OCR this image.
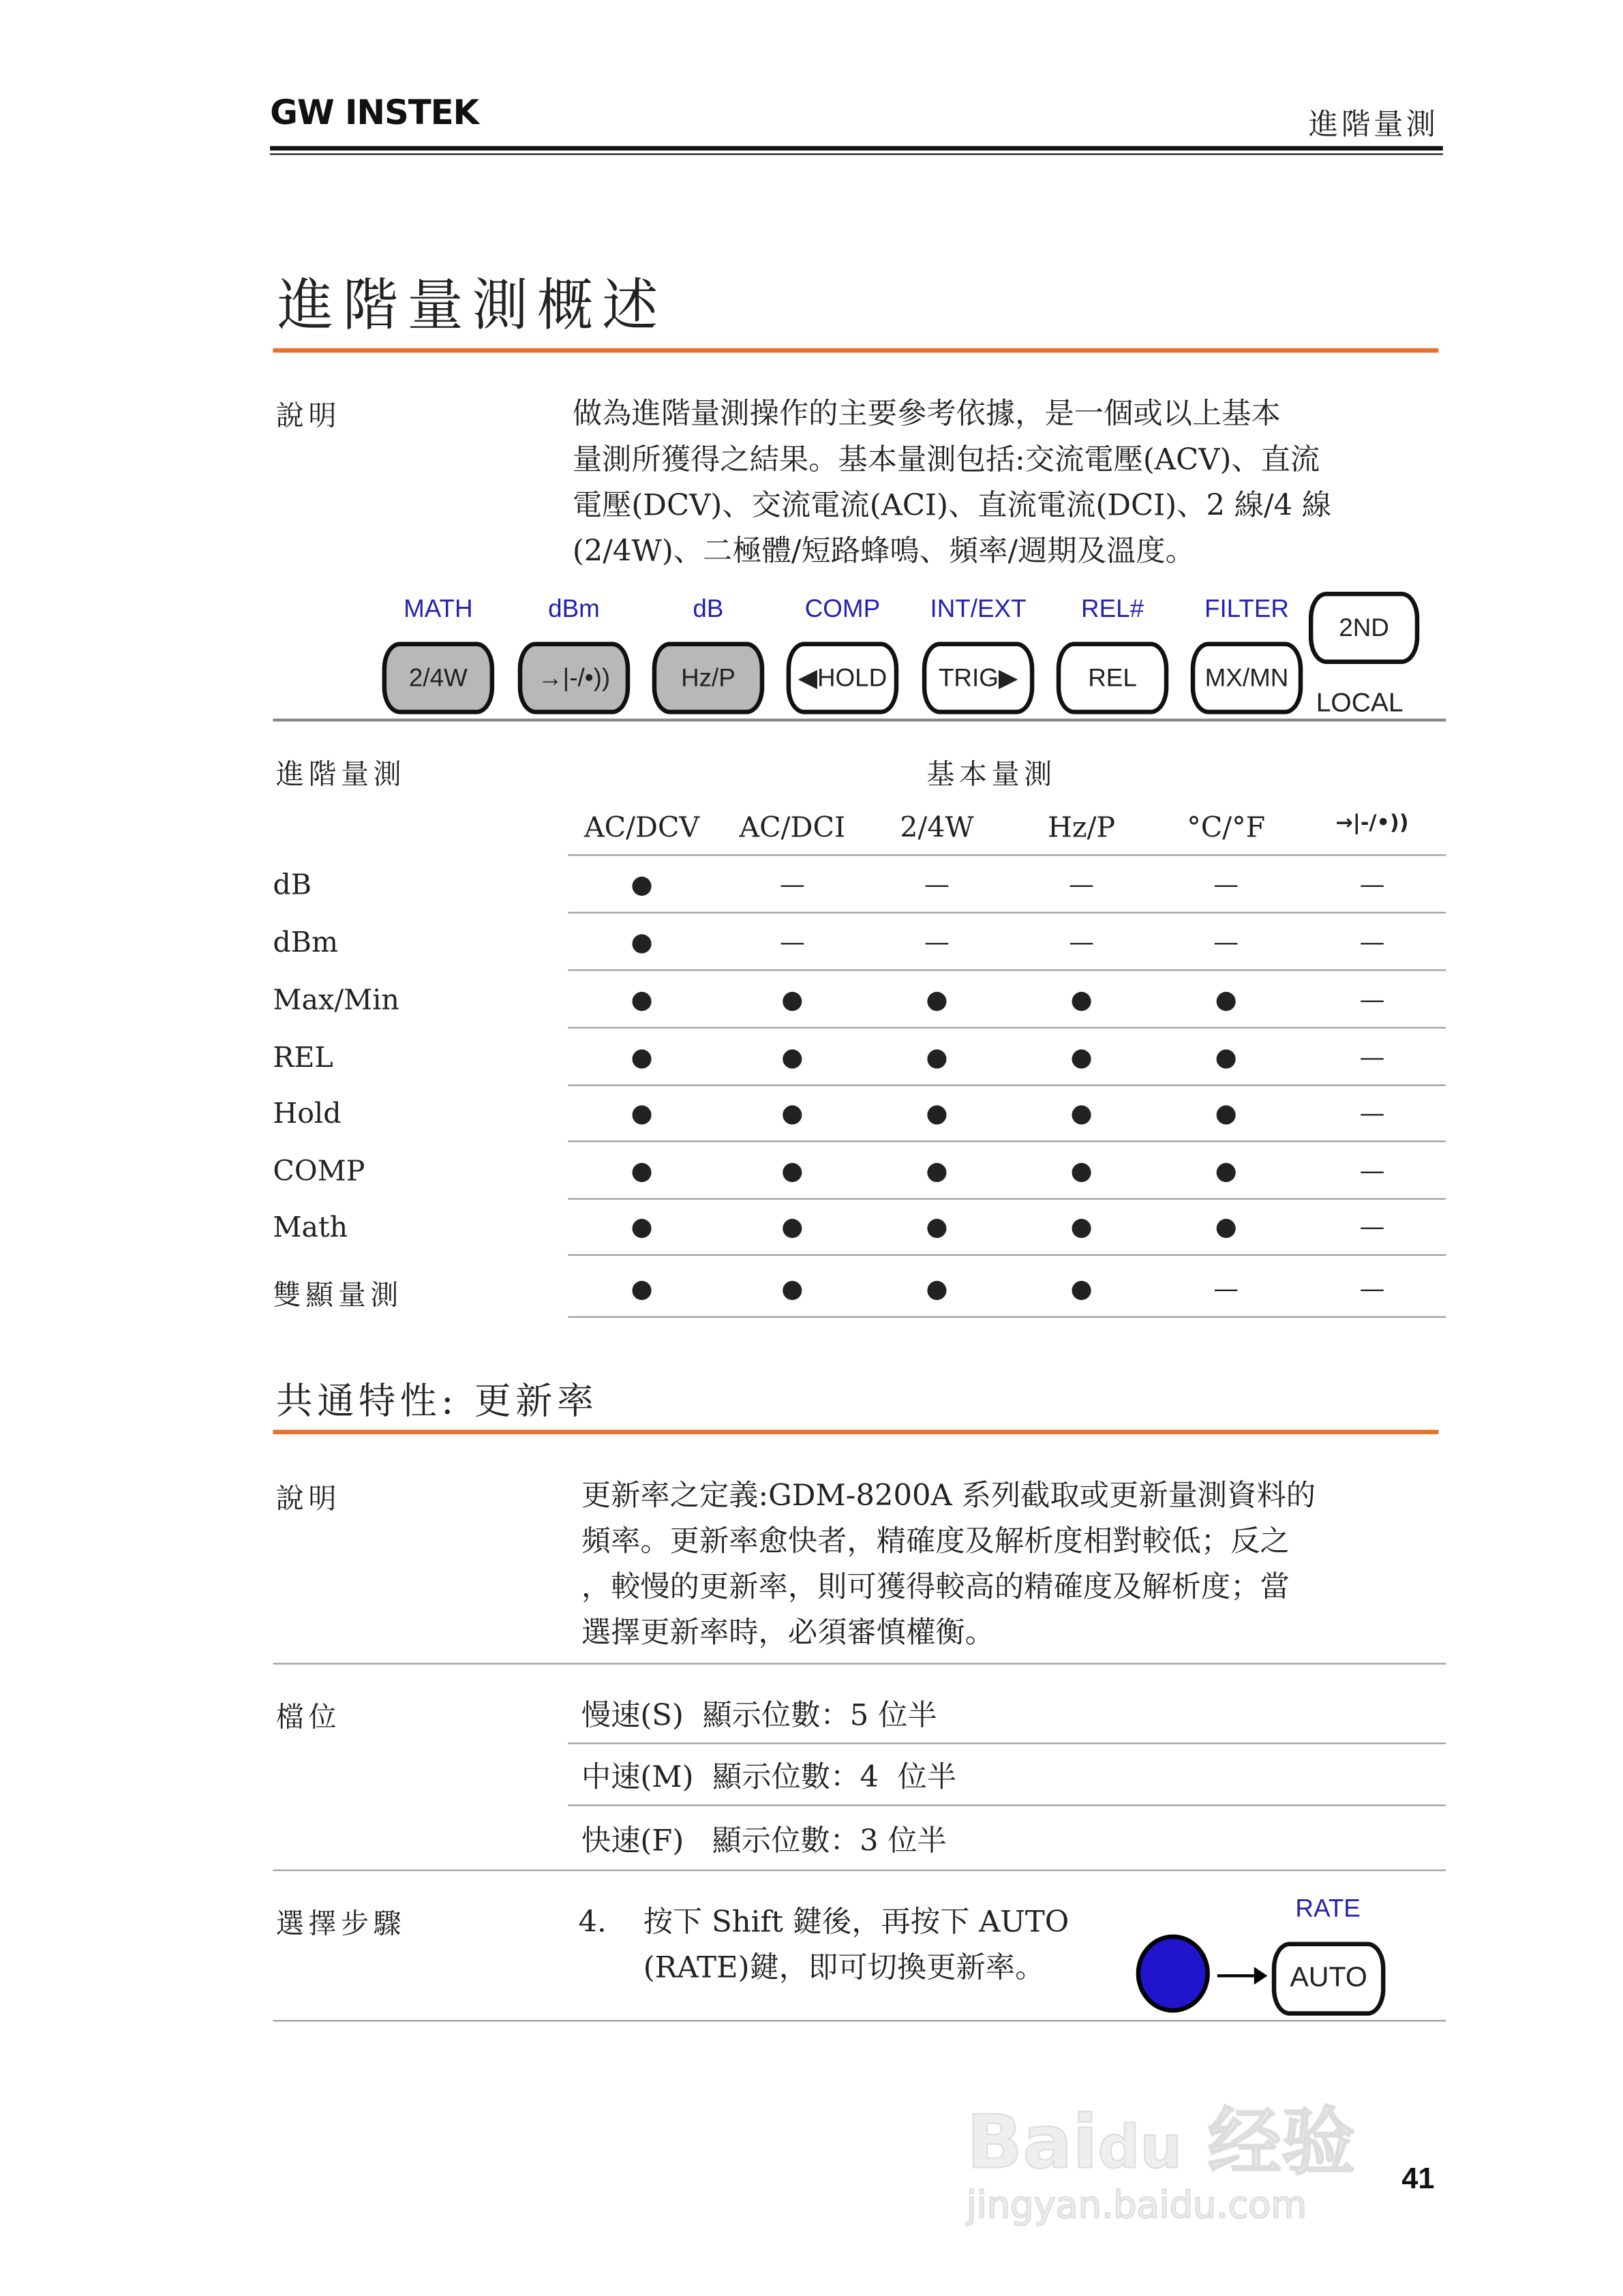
GW INSTEK	進階量測
進階量測概述
說明	做為進階量測操作的主要參考依據，是一個或以上基本
量測所獲得之結果。基本量測包括:交流電壓(ACV)、直流
電壓(DCV)、交流電流(ACI)、直流電流(DCI)、2 線/4 線
(2/4W)、二極體/短路蜂鳴、頻率/週期及溫度。
MATH
2/4W
dBm
→|-/•))
dB
Hz/P
COMP
◀HOLD
INT/EXT
TRIG▶
REL#
REL
FILTER
MX/MN
2ND
LOCAL
進階量測	基本量測
AC/DCV	AC/DCI	2/4W	Hz/P	°C/°F	→|-/•))
dB	●	—	—	—	—	—
dBm	●	—	—	—	—	—
Max/Min	●	●	●	●	●	—
REL	●	●	●	●	●	—
Hold	●	●	●	●	●	—
COMP	●	●	●	●	●	—
Math	●	●	●	●	●	—
雙顯量測	●	●	●	●	—	—
共通特性: 更新率
說明	更新率之定義:GDM-8200A 系列截取或更新量測資料的
頻率。更新率愈快者，精確度及解析度相對較低；反之
，較慢的更新率，則可獲得較高的精確度及解析度；當
選擇更新率時，必須審慎權衡。
檔位	慢速(S)  顯示位數：5 位半
中速(M)  顯示位數：4  位半
快速(F)   顯示位數：3 位半
選擇步驟	4.	按下 Shift 鍵後，再按下 AUTO
(RATE)鍵，即可切換更新率。
RATE
AUTO
Baidu 经验
jingyan.baidu.com
41
